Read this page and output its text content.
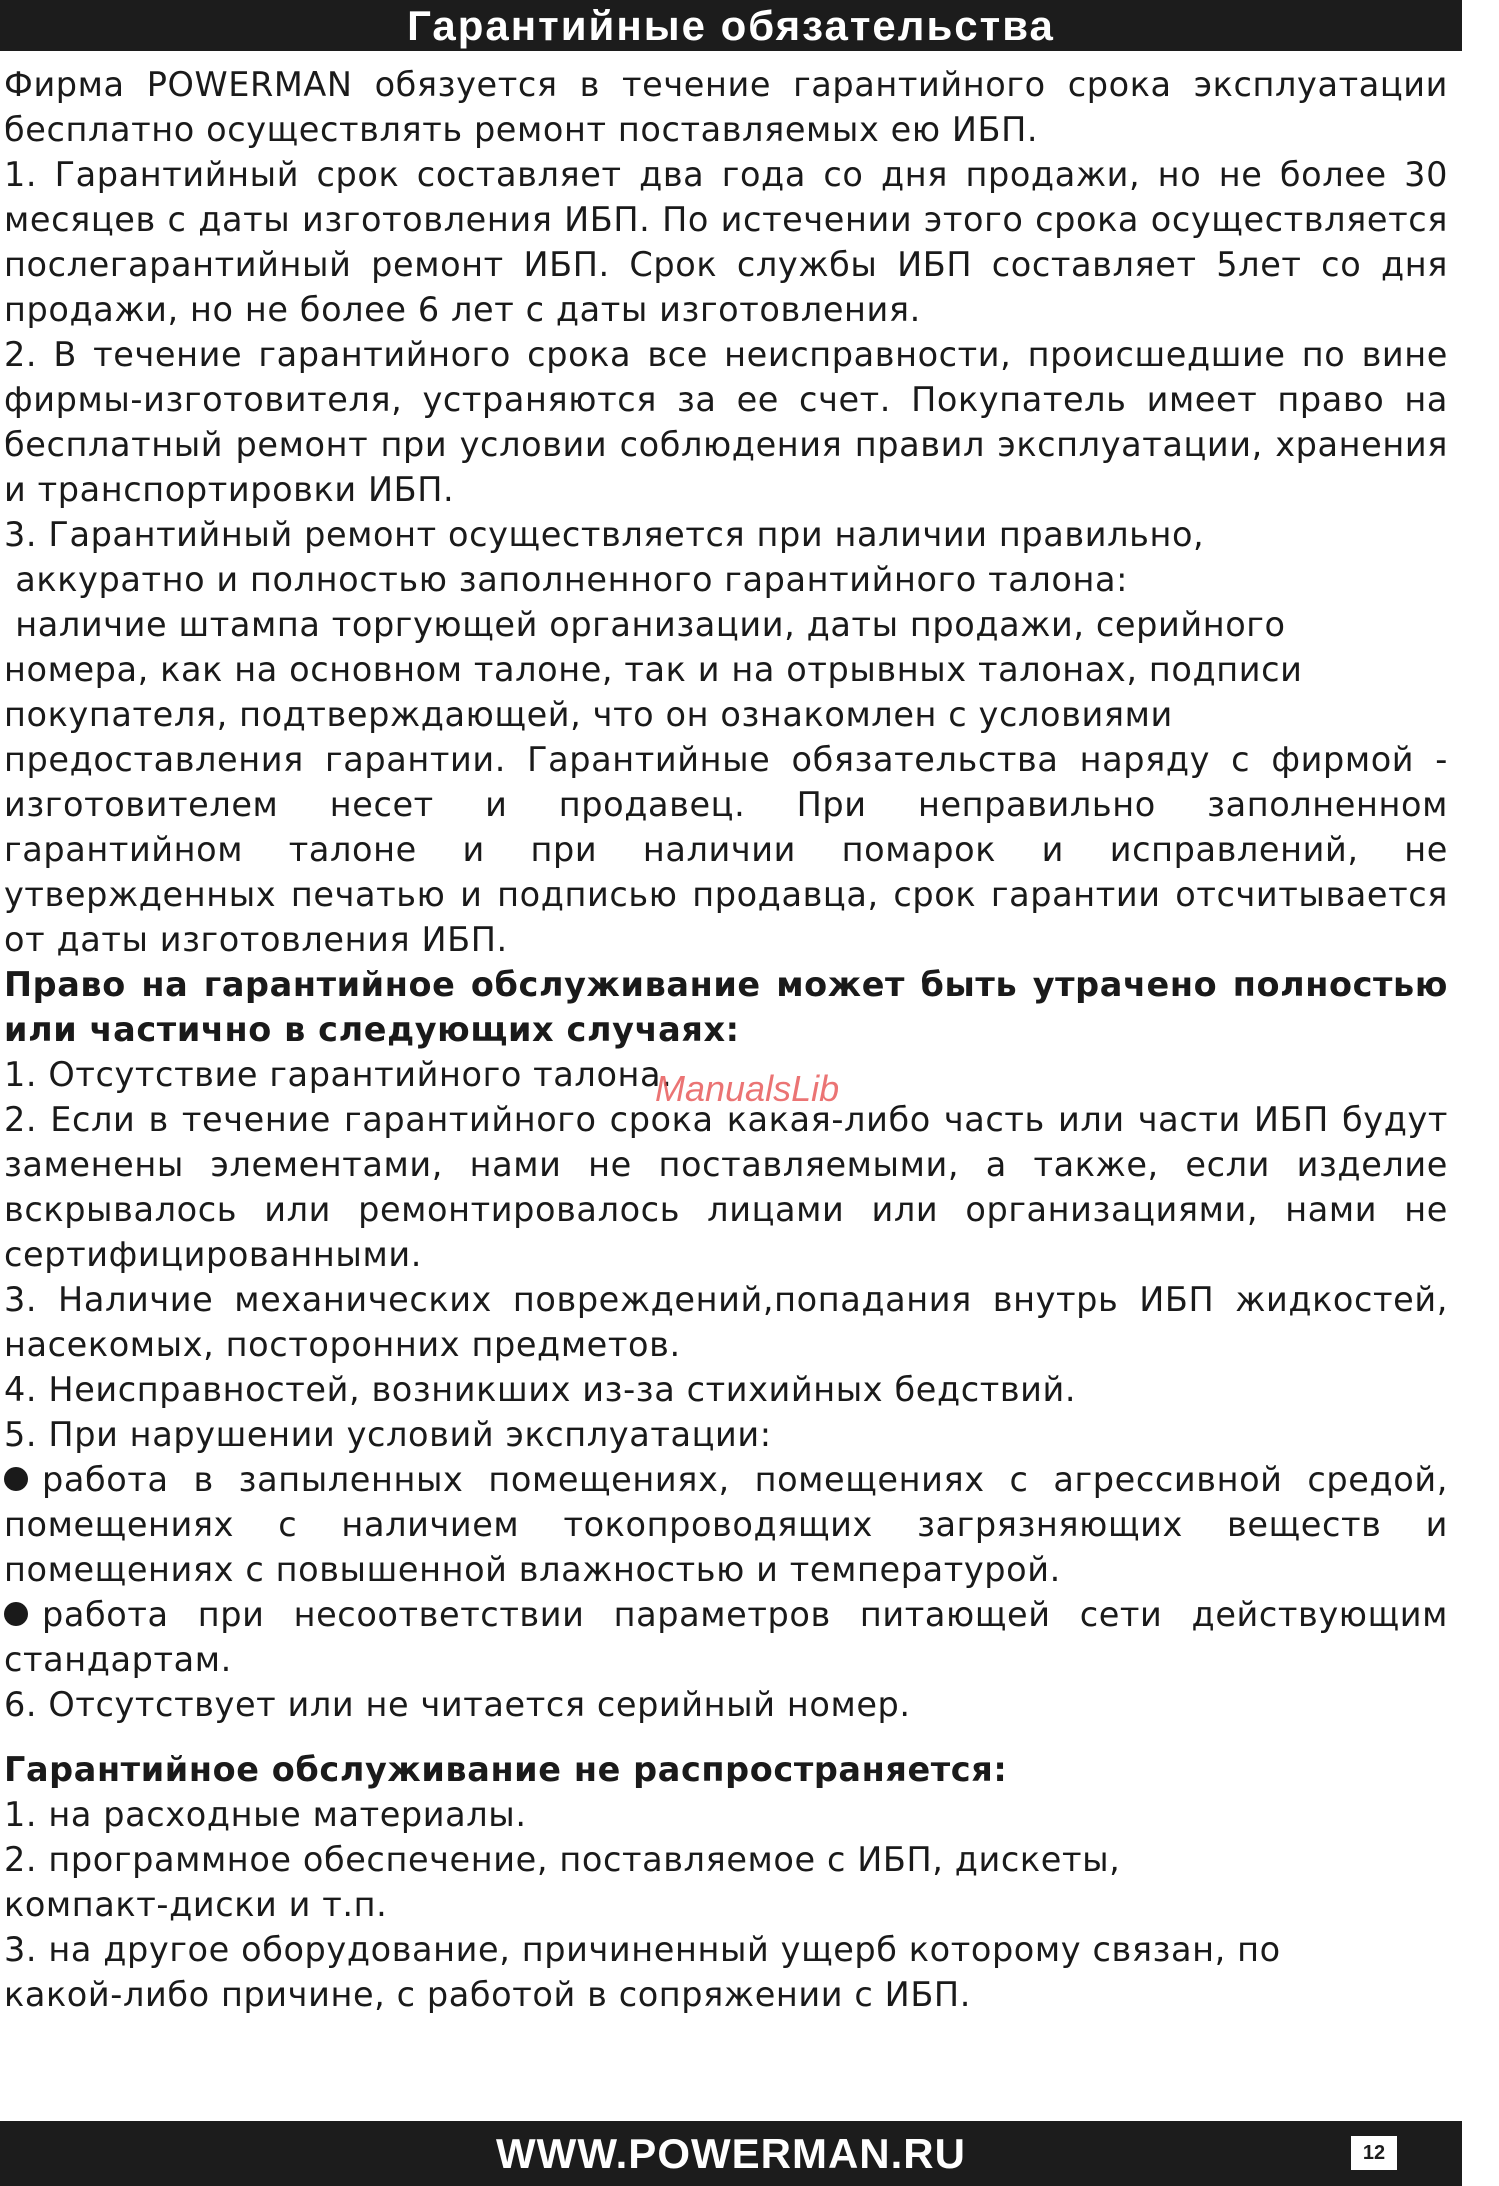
Гарантийные обязательства

Фирма POWERMAN обязуется в течение гарантийного срока эксплуатации бесплатно осуществлять ремонт поставляемых ею ИБП.

1. Гарантийный срок составляет два года со дня продажи, но не более 30 месяцев с даты изготовления ИБП. По истечении этого срока осуществляется послегарантийный ремонт ИБП. Срок службы ИБП составляет 5лет со дня продажи, но не более 6 лет с даты изготовления.

2. В течение гарантийного срока все неисправности, происшедшие по вине фирмы-изготовителя, устраняются за ее счет. Покупатель имеет право на бесплатный ремонт при условии соблюдения правил эксплуатации, хранения и транспортировки ИБП.

3. Гарантийный ремонт осуществляется при наличии правильно,

аккуратно и полностью заполненного гарантийного талона:

наличие штампа торгующей организации, даты продажи, серийного

номера, как на основном талоне, так и на отрывных талонах, подписи

покупателя, подтверждающей, что он ознакомлен с условиями

предоставления гарантии. Гарантийные обязательства наряду с фирмой - изготовителем несет и продавец. При неправильно заполненном гарантийном талоне и при наличии помарок и исправлений, не утвержденных печатью и подписью продавца, срок гарантии отсчитывается от даты изготовления ИБП.

Право на гарантийное обслуживание может быть утрачено полностью или частично в следующих случаях:

1. Отсутствие гарантийного талона.

2. Если в течение гарантийного срока какая-либо часть или части ИБП будут заменены элементами, нами не поставляемыми, а также, если изделие вскрывалось или ремонтировалось лицами или организациями, нами не сертифицированными.

3. Наличие механических повреждений,попадания внутрь ИБП жидкостей, насекомых, посторонних предметов.

4. Неисправностей, возникших из-за стихийных бедствий.

5. При нарушении условий эксплуатации:

работа в запыленных помещениях, помещениях с агрессивной средой, помещениях с наличием токопроводящих загрязняющих веществ и помещениях с повышенной влажностью и температурой.

работа при несоответствии параметров питающей сети действующим стандартам.

6. Отсутствует или не читается серийный номер.

Гарантийное обслуживание не распространяется:

1. на расходные материалы.

2. программное обеспечение, поставляемое с ИБП, дискеты,

компакт-диски и т.п.

3. на другое оборудование, причиненный ущерб которому связан, по

какой-либо причине, с работой в сопряжении с ИБП.

ManualsLib
WWW.POWERMAN.RU	12
